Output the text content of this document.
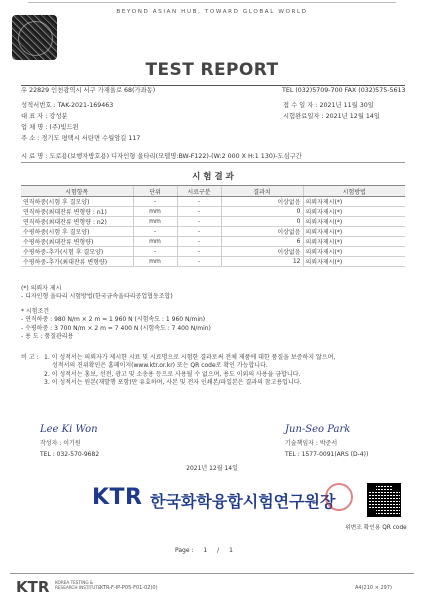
BEYOND ASIAN HUB, TOWARD GLOBAL WORLD
TEST REPORT
우 22829 인천광역시 서구 가재울로 68(가좌동)	TEL (032)5709-700 FAX (032)575-5613
성적서번호 : TAK-2021-169463
대 표 자 : 강성분
업 체 명 : (주)빛드윈
주 소 : 경기도 평택시 서탄면 수월암길 117
접 수 일 자 : 2021년 11월 30일
시험완료일자 : 2021년 12월 14일
시 료 명 : 도로용(보행자방호용) 디자인형 울타리(모델명:BW-F122)-(W:2 000 X H:1 130)-도심구간
시 험 결 과
시험항목	단위	시료구분	결과치	시험방법
연직하중(시험 후 결모양)	-	-	이상없음	의뢰자제시(*)
연직하중(최대잔류 변형량 : n1)	mm	-	0	의뢰자제시(*)
연직하중(최대잔류 변형량 : n2)	mm	-	0	의뢰자제시(*)
수평하중(시험 후 결모양)	-	-	이상없음	의뢰자제시(*)
수평하중(최대잔류 변형량)	mm	-	6	의뢰자제시(*)
수평하중-추가(시험 후 결모양)	-	-	이상없음	의뢰자제시(*)
수평하중-추가(최대잔류 변형량)	mm	-	12	의뢰자제시(*)
(*) 의뢰자 제시
- 디자인형 울타리 시험방법(한국금속울타리공업협동조합)
* 시험조건
- 연직하중 : 980 N/m × 2 m = 1 960 N (시험속도 : 1 960 N/min)
- 수평하중 : 3 700 N/m × 2 m = 7 400 N (시험속도 : 7 400 N/min)
- 용 도 : 품질관리용
비 고 : 1. 이 성적서는 의뢰자가 제시한 시료 및 시료명으로 시험한 결과로써 전체 제품에 대한 품질을 보증하지 않으며,
성적서의 진위확인은 홈페이지(www.ktr.or.kr) 또는 QR code로 확인 가능합니다.
2. 이 성적서는 홍보, 선전, 광고 및 소송용 등으로 사용될 수 없으며, 용도 이외의 사용을 금합니다.
3. 이 성적서는 원본(재발행 포함)만 유효하며, 사본 및 전자 인쇄본/파일본은 결과의 참고용입니다.
Lee Ki Won
작성자 : 이기원
TEL : 032-570-9682
Jun-Seo Park
기술책임자 : 박준서
TEL : 1577-0091(ARS (D-4))
2021년 12월 14일
KTR 한국화학융합시험연구원장
위변조 확인용 QR code
Page : 1 / 1
KTR KOREA TESTING &
RESEARCH INSTITUTE KTR-F-IP-P05-F01-02(0)	A4(210 × 297)
